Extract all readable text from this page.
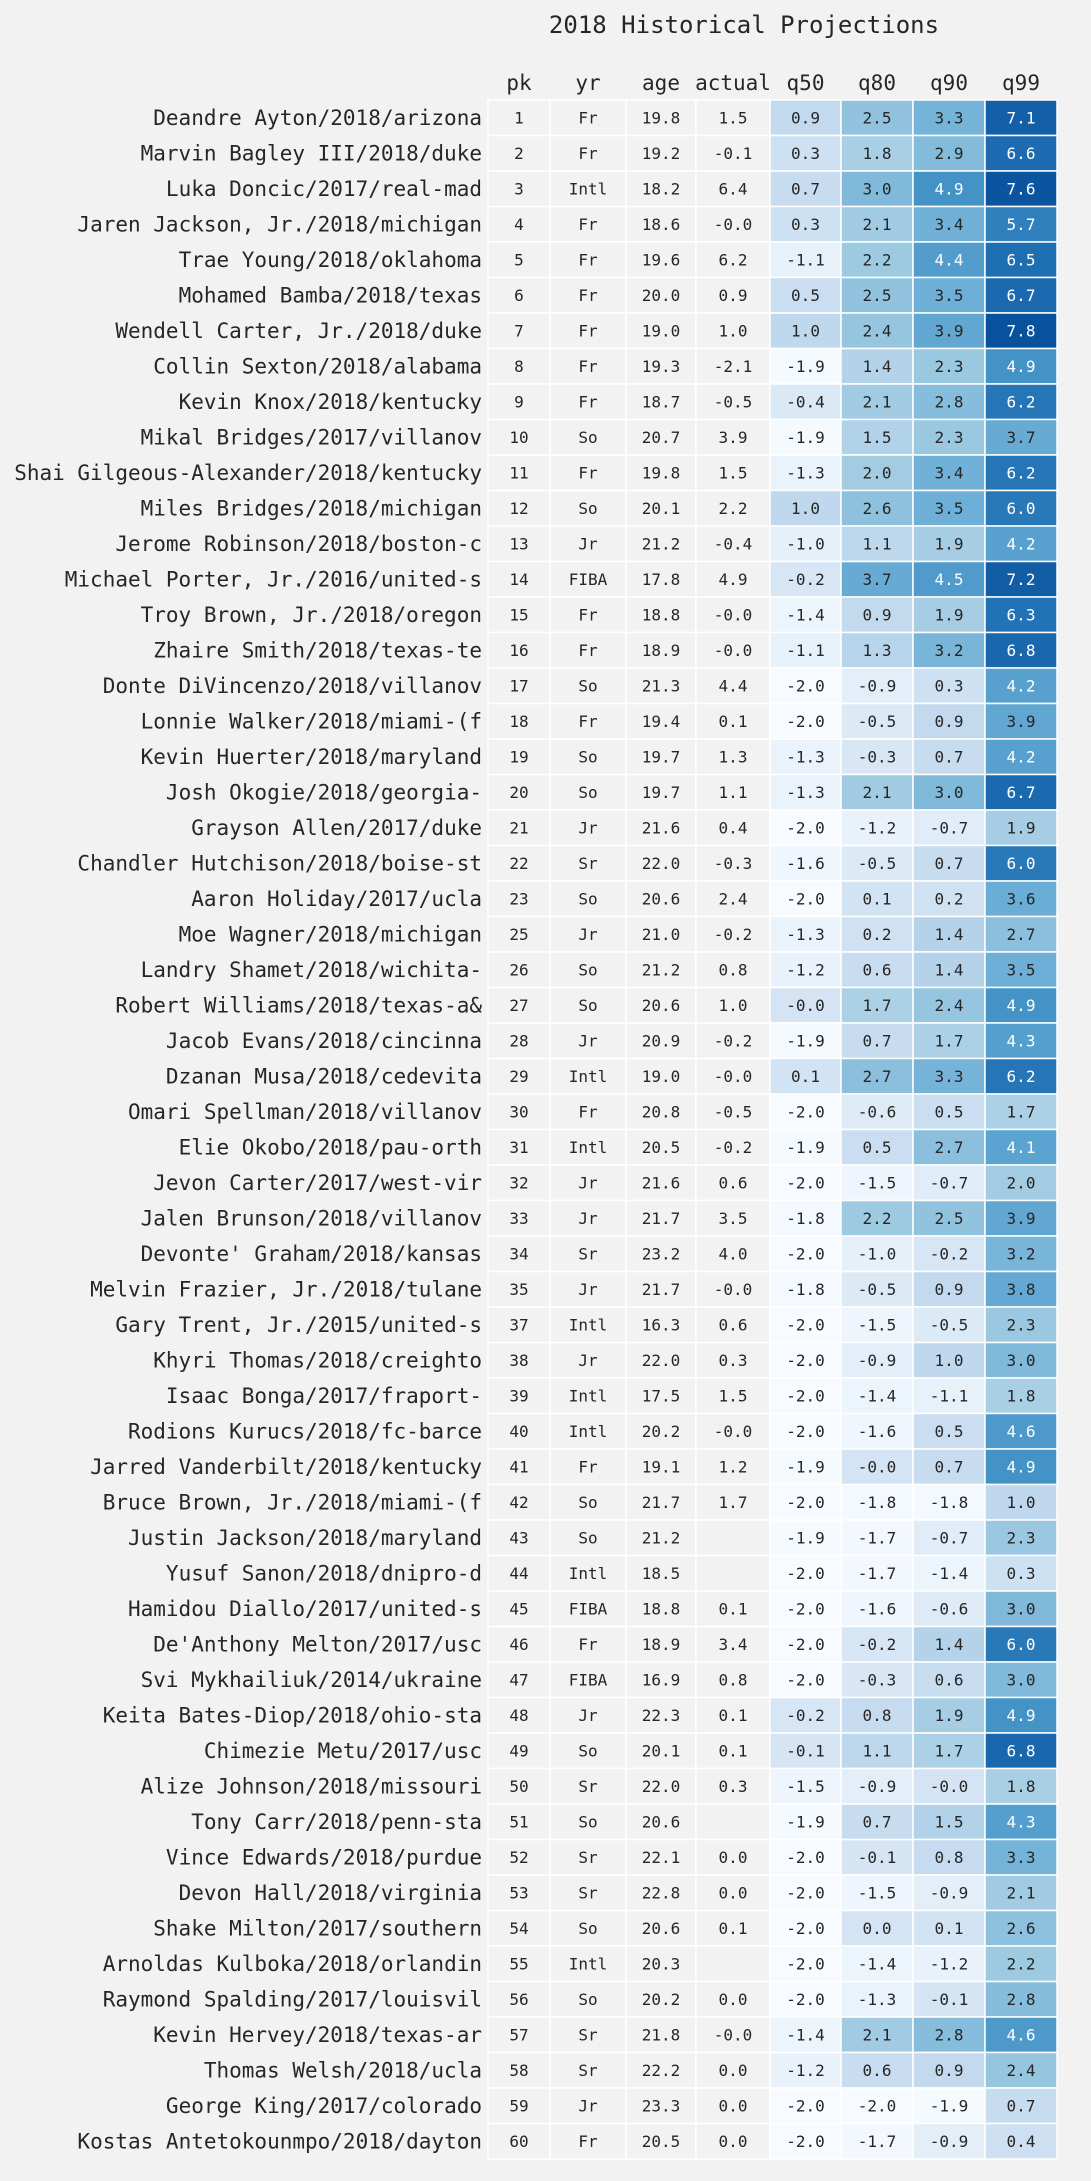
2018 Historical Projections
pk yr age actual q50 q80 q90 q99
Deandre Ayton/2018/arizona 1	Fr	19.8 1.5	0.9	2.5	3.3	7.1
Marvin Bagley III/2018/duke 2	Fr	19.2 -0.1 0.3	1.8	2.9	6.6
Luka Doncic/2017/real-mad 3	Intl 18.2 6.4	0.7	3.0	4.9	7.6
Jaren Jackson, Jr./2018/michigan 4	Fr	18.6 -0.0 0.3	2.1	3.4	5.7
Trae Young/2018/oklahoma 5	Fr	19.6 6.2 -1.1 2.2	4.4	6.5
Mohamed Bamba/2018/texas 6	Fr	20.0 0.9	0.5	2.5	3.5	6.7
Wendell Carter, Jr./2018/duke 7	Fr	19.0 1.0	1.0	2.4	3.9	7.8
Collin Sexton/2018/alabama 8	Fr	19.3 -2.1 -1.9 1.4	2.3	4.9
Kevin Knox/2018/kentucky 9	Fr	18.7 -0.5 -0.4 2.1	2.8	6.2
Mikal Bridges/2017/villanov 10	So	20.7 3.9 -1.9 1.5	2.3	3.7
Shai Gilgeous-Alexander/2018/kentucky 11	Fr	19.8 1.5 -1.3 2.0	3.4	6.2
Miles Bridges/2018/michigan 12	So	20.1 2.2	1.0	2.6	3.5	6.0
Jerome Robinson/2018/boston-c 13	Jr	21.2 -0.4 -1.0 1.1	1.9	4.2
Michael Porter, Jr./2016/united-s 14	FIBA 17.8 4.9 -0.2 3.7	4.5	7.2
Troy Brown, Jr./2018/oregon 15	Fr	18.8 -0.0 -1.4 0.9	1.9	6.3
Zhaire Smith/2018/texas-te 16	Fr	18.9 -0.0 -1.1 1.3	3.2	6.8
Donte DiVincenzo/2018/villanov 17	So	21.3 4.4 -2.0 -0.9 0.3	4.2
Lonnie Walker/2018/miami-(f 18	Fr	19.4 0.1 -2.0 -0.5 0.9	3.9
Kevin Huerter/2018/maryland 19	So	19.7 1.3 -1.3 -0.3 0.7	4.2
Josh Okogie/2018/georgia- 20	So	19.7 1.1 -1.3 2.1	3.0	6.7
Grayson Allen/2017/duke 21	Jr	21.6 0.4 -2.0 -1.2 -0.7 1.9
Chandler Hutchison/2018/boise-st 22	Sr	22.0 -0.3 -1.6 -0.5 0.7	6.0
Aaron Holiday/2017/ucla 23	So	20.6 2.4 -2.0 0.1	0.2	3.6
Moe Wagner/2018/michigan 25	Jr	21.0 -0.2 -1.3 0.2	1.4	2.7
Landry Shamet/2018/wichita- 26	So	21.2 0.8 -1.2 0.6	1.4	3.5
Robert Williams/2018/texas-a& 27	So	20.6 1.0 -0.0 1.7	2.4	4.9
Jacob Evans/2018/cincinna 28	Jr	20.9 -0.2 -1.9 0.7	1.7	4.3
Dzanan Musa/2018/cedevita 29	Intl 19.0 -0.0 0.1	2.7	3.3	6.2
Omari Spellman/2018/villanov 30	Fr	20.8 -0.5 -2.0 -0.6 0.5	1.7
Elie Okobo/2018/pau-orth 31	Intl 20.5 -0.2 -1.9 0.5	2.7	4.1
Jevon Carter/2017/west-vir 32	Jr	21.6 0.6 -2.0 -1.5 -0.7 2.0
Jalen Brunson/2018/villanov 33	Jr	21.7 3.5 -1.8 2.2	2.5	3.9
Devonte' Graham/2018/kansas 34	Sr	23.2 4.0 -2.0 -1.0 -0.2 3.2
Melvin Frazier, Jr./2018/tulane 35	Jr	21.7 -0.0 -1.8 -0.5 0.9	3.8
Gary Trent, Jr./2015/united-s 37	Intl 16.3 0.6 -2.0 -1.5 -0.5 2.3
Khyri Thomas/2018/creighto 38	Jr	22.0 0.3 -2.0 -0.9 1.0	3.0
Isaac Bonga/2017/fraport- 39	Intl 17.5 1.5 -2.0 -1.4 -1.1 1.8
Rodions Kurucs/2018/fc-barce 40	Intl 20.2 -0.0 -2.0 -1.6 0.5	4.6
Jarred Vanderbilt/2018/kentucky 41	Fr	19.1 1.2 -1.9 -0.0 0.7	4.9
Bruce Brown, Jr./2018/miami-(f 42	So	21.7 1.7 -2.0 -1.8 -1.8 1.0
Justin Jackson/2018/maryland 43	So	21.2	-1.9 -1.7 -0.7 2.3
Yusuf Sanon/2018/dnipro-d 44	Intl 18.5	-2.0 -1.7 -1.4 0.3
Hamidou Diallo/2017/united-s 45	FIBA 18.8 0.1 -2.0 -1.6 -0.6 3.0
De'Anthony Melton/2017/usc 46	Fr	18.9 3.4 -2.0 -0.2 1.4	6.0
Svi Mykhailiuk/2014/ukraine 47	FIBA 16.9 0.8 -2.0 -0.3 0.6	3.0
Keita Bates-Diop/2018/ohio-sta 48	Jr	22.3 0.1 -0.2 0.8	1.9	4.9
Chimezie Metu/2017/usc 49	So	20.1 0.1 -0.1 1.1	1.7	6.8
Alize Johnson/2018/missouri 50	Sr	22.0 0.3 -1.5 -0.9 -0.0 1.8
Tony Carr/2018/penn-sta 51	So	20.6	-1.9 0.7	1.5	4.3
Vince Edwards/2018/purdue 52	Sr	22.1 0.0 -2.0 -0.1 0.8	3.3
Devon Hall/2018/virginia 53	Sr	22.8 0.0 -2.0 -1.5 -0.9 2.1
Shake Milton/2017/southern 54	So	20.6 0.1 -2.0 0.0	0.1	2.6
Arnoldas Kulboka/2018/orlandin 55	Intl 20.3	-2.0 -1.4 -1.2 2.2
Raymond Spalding/2017/louisvil 56	So	20.2 0.0 -2.0 -1.3 -0.1 2.8
Kevin Hervey/2018/texas-ar 57	Sr	21.8 -0.0 -1.4 2.1	2.8	4.6
Thomas Welsh/2018/ucla 58	Sr	22.2 0.0 -1.2 0.6	0.9	2.4
George King/2017/colorado 59	Jr	23.3 0.0 -2.0 -2.0 -1.9 0.7
Kostas Antetokounmpo/2018/dayton 60	Fr	20.5 0.0 -2.0 -1.7 -0.9 0.4
